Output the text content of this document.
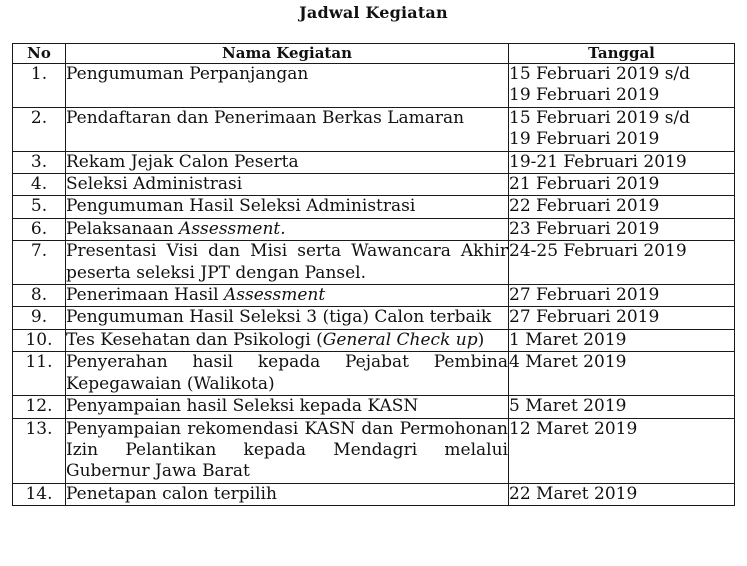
Jadwal Kegiatan
No	Nama Kegiatan	Tanggal
1.	Pengumuman Perpanjangan	15 Februari 2019 s/d
19 Februari 2019

2.	Pendaftaran dan Penerimaan Berkas Lamaran	15 Februari 2019 s/d
19 Februari 2019

3.	Rekam Jejak Calon Peserta	19-21 Februari 2019

4.	Seleksi Administrasi	21 Februari 2019

5.	Pengumuman Hasil Seleksi Administrasi	22 Februari 2019

6.	Pelaksanaan Assessment.	23 Februari 2019

7.	Presentasi Visi dan Misi serta Wawancara Akhir peserta seleksi JPT dengan Pansel.	24-25 Februari 2019

8.	Penerimaan Hasil Assessment	27 Februari 2019

9.	Pengumuman Hasil Seleksi 3 (tiga) Calon terbaik	27 Februari 2019

10.	Tes Kesehatan dan Psikologi (General Check up)	1 Maret 2019

11.	Penyerahan hasil kepada Pejabat Pembina Kepegawaian (Walikota)	4 Maret 2019

12.	Penyampaian hasil Seleksi kepada KASN	5 Maret 2019

13.	Penyampaian rekomendasi KASN dan Permohonan Izin Pelantikan kepada Mendagri melalui Gubernur Jawa Barat	12 Maret 2019

14.	Penetapan calon terpilih	22 Maret 2019
